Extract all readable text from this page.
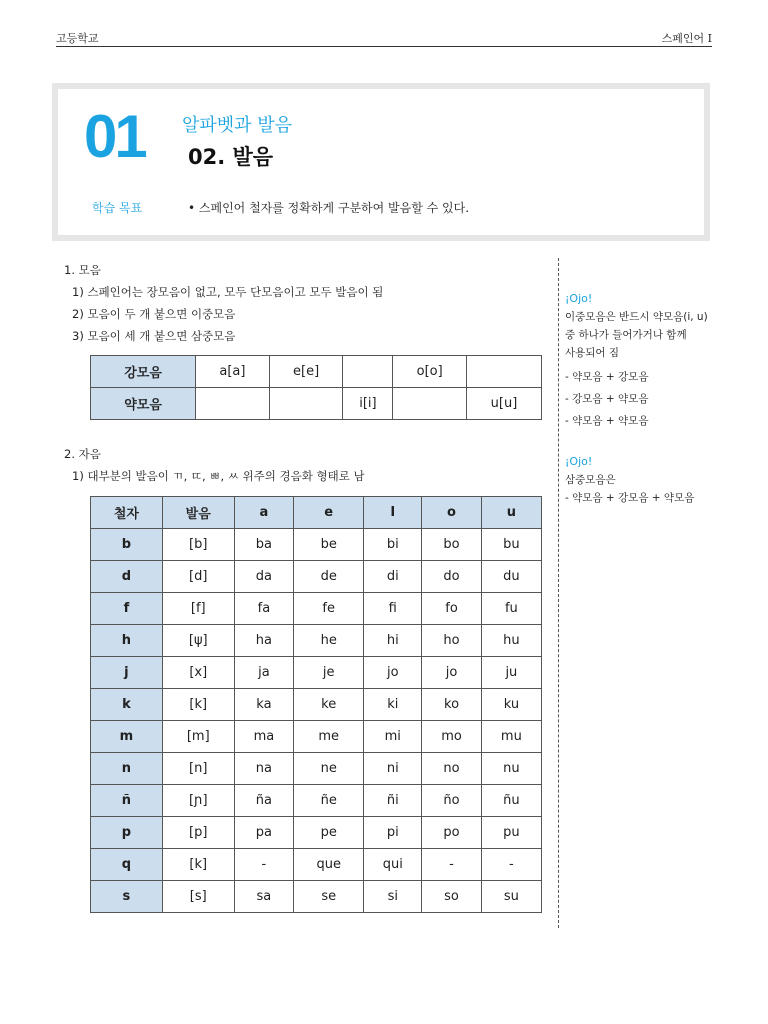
고등학교	스페인어 I
01 알파벳과 발음
02. 발음
학습 목표	• 스페인어 철자를 정확하게 구분하여 발음할 수 있다.
1. 모음
1) 스페인어는 장모음이 없고, 모두 단모음이고 모두 발음이 됨
2) 모음이 두 개 붙으면 이중모음
3) 모음이 세 개 붙으면 삼중모음
강모음	a[a]	e[e]		o[o]	
약모음			i[i]		u[u]
2. 자음
1) 대부분의 발음이 ㄲ, ㄸ, ㅃ, ㅆ 위주의 경음화 형태로 남
철자	발음	a	e	I	o	u
b	[b]	ba	be	bi	bo	bu
d	[d]	da	de	di	do	du
f	[f]	fa	fe	fi	fo	fu
h	[ψ]	ha	he	hi	ho	hu
j	[x]	ja	je	jo	jo	ju
k	[k]	ka	ke	ki	ko	ku
m	[m]	ma	me	mi	mo	mu
n	[n]	na	ne	ni	no	nu
ñ	[ɲ]	ña	ñe	ñi	ño	ñu
p	[p]	pa	pe	pi	po	pu
q	[k]	-	que	qui	-	-
s	[s]	sa	se	si	so	su
¡Ojo!
이중모음은 반드시 약모음(i, u)
중 하나가 들어가거나 함께
사용되어 짐
- 약모음 + 강모음
- 강모음 + 약모음
- 약모음 + 약모음
¡Ojo!
삼중모음은
- 약모음 + 강모음 + 약모음
